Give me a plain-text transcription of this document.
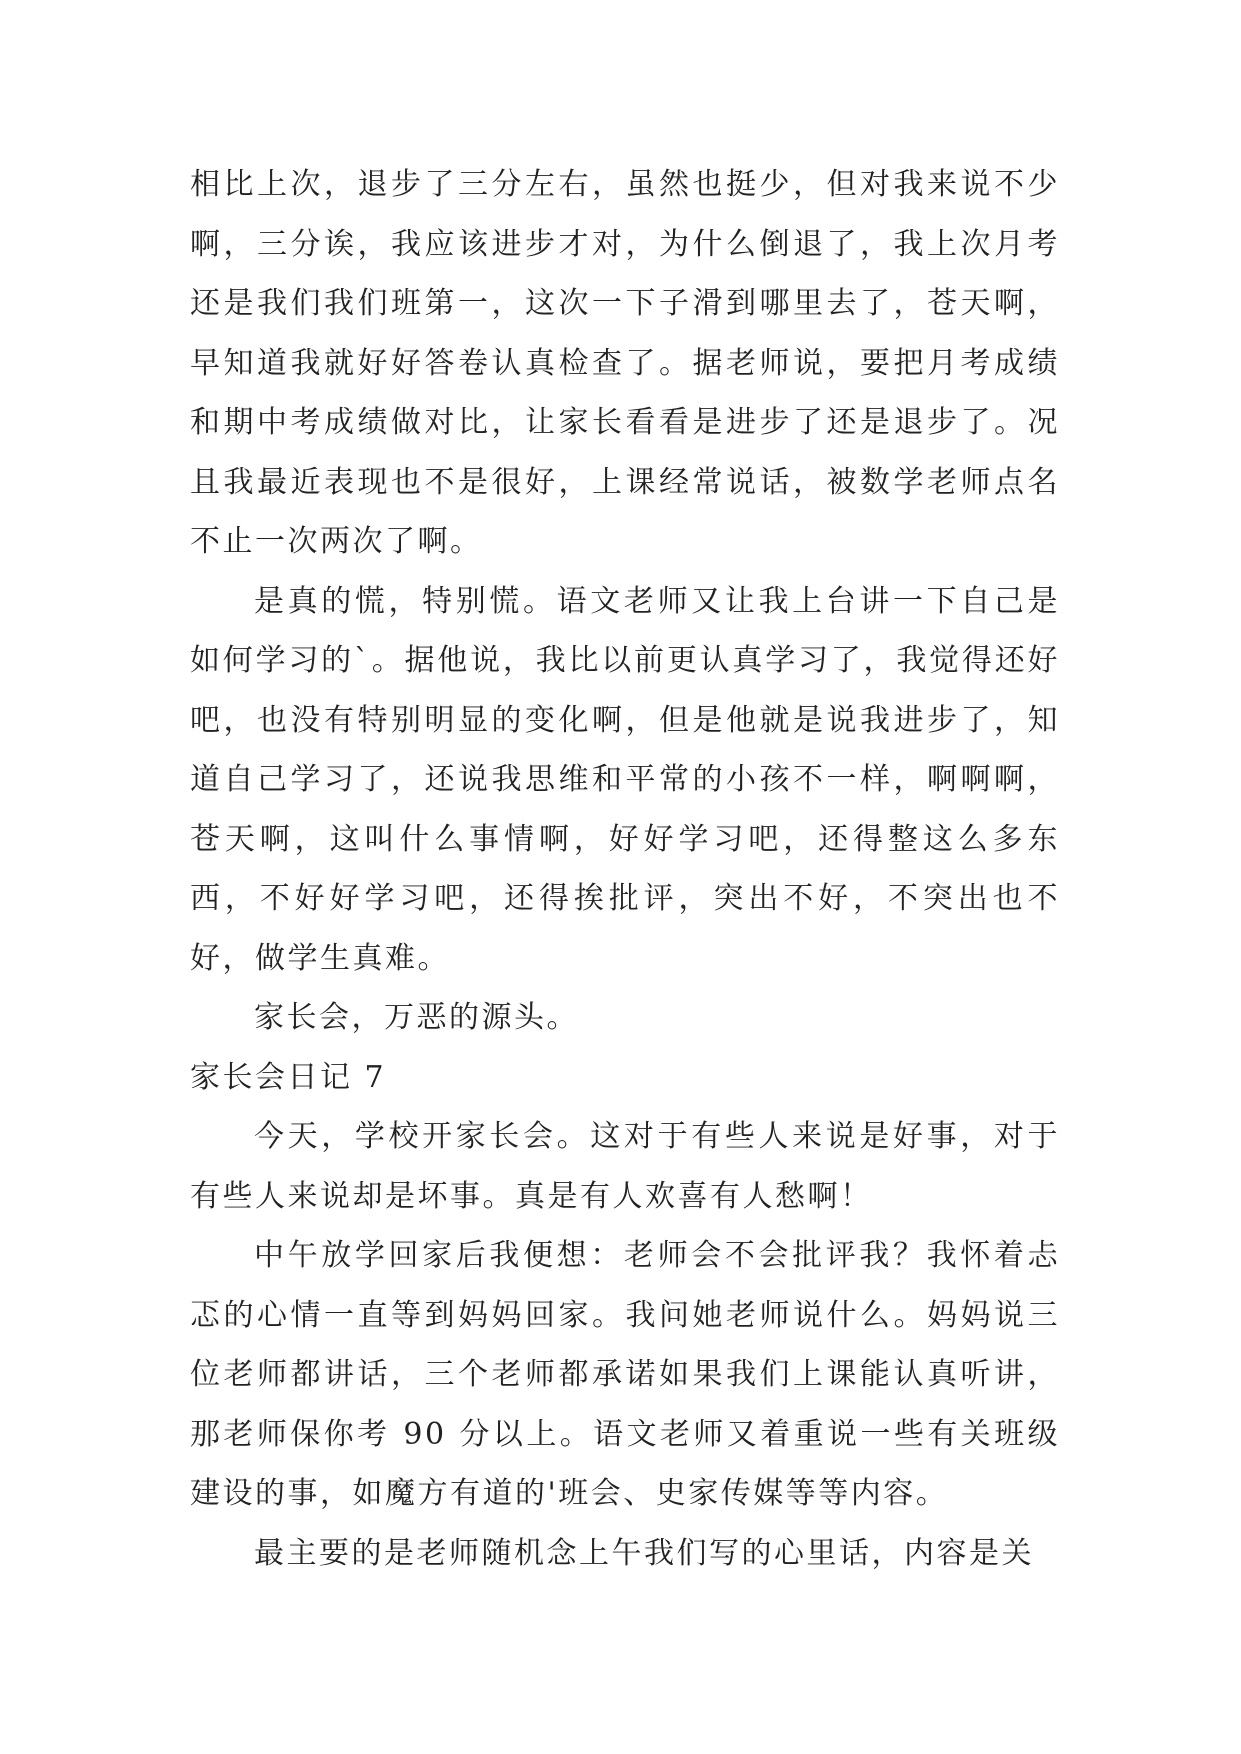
相比上次，退步了三分左右，虽然也挺少，但对我来说不少啊，三分诶，我应该进步才对，为什么倒退了，我上次月考还是我们我们班第一，这次一下子滑到哪里去了，苍天啊，早知道我就好好答卷认真检查了。据老师说，要把月考成绩和期中考成绩做对比，让家长看看是进步了还是退步了。况且我最近表现也不是很好，上课经常说话，被数学老师点名不止一次两次了啊。

是真的慌，特别慌。语文老师又让我上台讲一下自己是如何学习的`。据他说，我比以前更认真学习了，我觉得还好吧，也没有特别明显的变化啊，但是他就是说我进步了，知道自己学习了，还说我思维和平常的小孩不一样，啊啊啊，苍天啊，这叫什么事情啊，好好学习吧，还得整这么多东西，不好好学习吧，还得挨批评，突出不好，不突出也不好，做学生真难。

家长会，万恶的源头。

家长会日记 7

今天，学校开家长会。这对于有些人来说是好事，对于有些人来说却是坏事。真是有人欢喜有人愁啊！

中午放学回家后我便想：老师会不会批评我？我怀着忐忑的心情一直等到妈妈回家。我问她老师说什么。妈妈说三位老师都讲话，三个老师都承诺如果我们上课能认真听讲，那老师保你考 90 分以上。语文老师又着重说一些有关班级建设的事，如魔方有道的'班会、史家传媒等等内容。

最主要的是老师随机念上午我们写的心里话，内容是关
